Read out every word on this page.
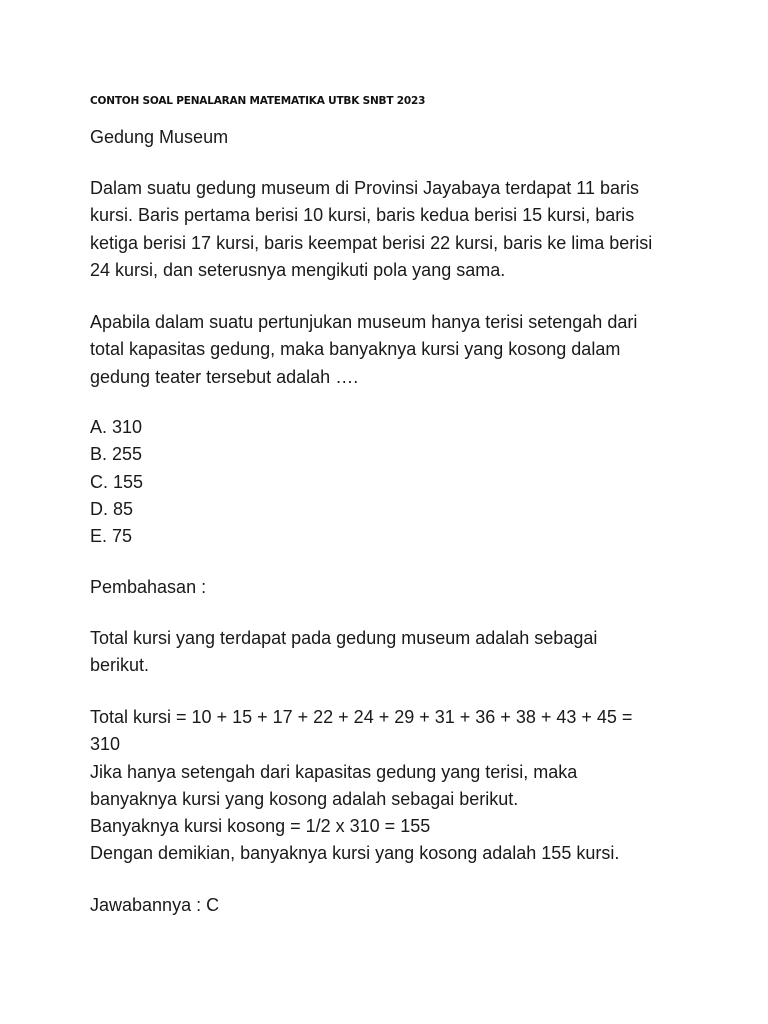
CONTOH SOAL PENALARAN MATEMATIKA UTBK SNBT 2023
Gedung Museum
Dalam suatu gedung museum di Provinsi Jayabaya terdapat 11 baris
kursi. Baris pertama berisi 10 kursi, baris kedua berisi 15 kursi, baris
ketiga berisi 17 kursi, baris keempat berisi 22 kursi, baris ke lima berisi
24 kursi, dan seterusnya mengikuti pola yang sama.
Apabila dalam suatu pertunjukan museum hanya terisi setengah dari
total kapasitas gedung, maka banyaknya kursi yang kosong dalam
gedung teater tersebut adalah ….
A. 310
B. 255
C. 155
D. 85
E. 75
Pembahasan :
Total kursi yang terdapat pada gedung museum adalah sebagai
berikut.
Total kursi = 10 + 15 + 17 + 22 + 24 + 29 + 31 + 36 + 38 + 43 + 45 =
310
Jika hanya setengah dari kapasitas gedung yang terisi, maka
banyaknya kursi yang kosong adalah sebagai berikut.
Banyaknya kursi kosong = 1/2 x 310 = 155
Dengan demikian, banyaknya kursi yang kosong adalah 155 kursi.
Jawabannya : C
